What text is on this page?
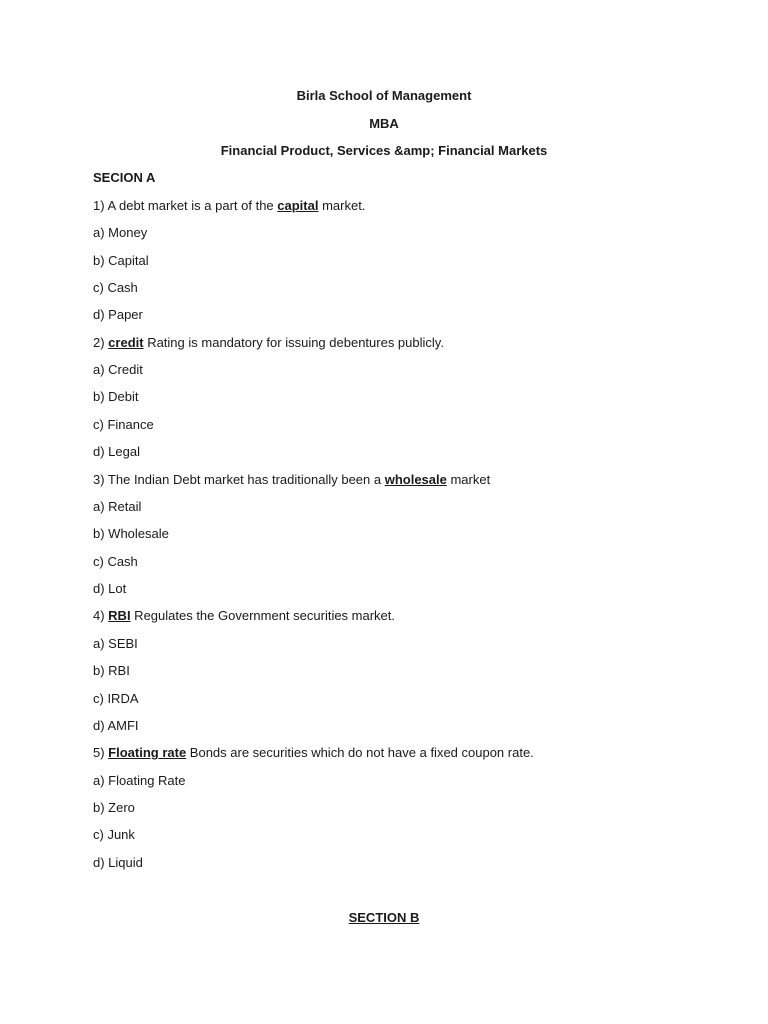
Birla School of Management
MBA
Financial Product, Services &amp; Financial Markets
SECION A
1) A debt market is a part of the capital market.
a) Money
b) Capital
c) Cash
d) Paper
2) credit Rating is mandatory for issuing debentures publicly.
a) Credit
b) Debit
c) Finance
d) Legal
3) The Indian Debt market has traditionally been a wholesale market
a) Retail
b) Wholesale
c) Cash
d) Lot
4) RBI Regulates the Government securities market.
a) SEBI
b) RBI
c) IRDA
d) AMFI
5) Floating rate Bonds are securities which do not have a fixed coupon rate.
a) Floating Rate
b) Zero
c) Junk
d) Liquid
SECTION B
